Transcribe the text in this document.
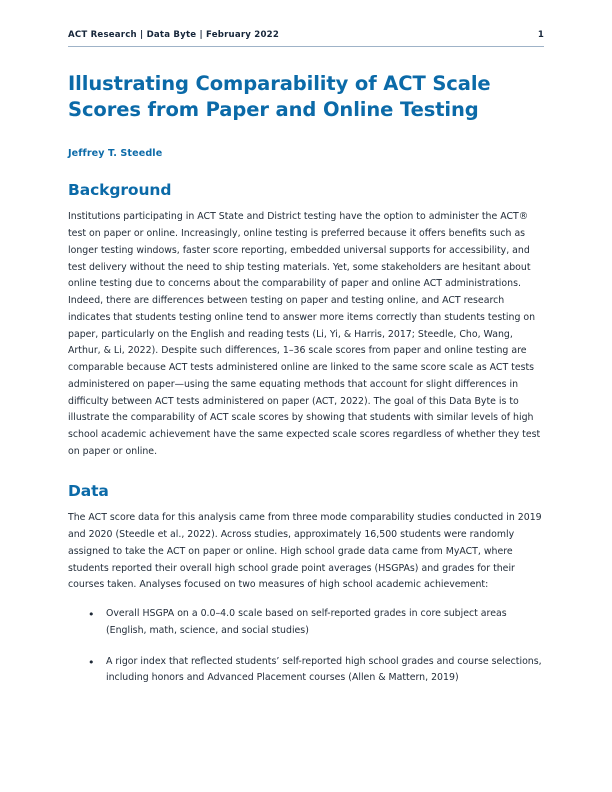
ACT Research | Data Byte | February 2022	1
Illustrating Comparability of ACT Scale Scores from Paper and Online Testing
Jeffrey T. Steedle
Background

Institutions participating in ACT State and District testing have the option to administer the ACT® test on paper or online. Increasingly, online testing is preferred because it offers benefits such as longer testing windows, faster score reporting, embedded universal supports for accessibility, and test delivery without the need to ship testing materials. Yet, some stakeholders are hesitant about online testing due to concerns about the comparability of paper and online ACT administrations. Indeed, there are differences between testing on paper and testing online, and ACT research indicates that students testing online tend to answer more items correctly than students testing on paper, particularly on the English and reading tests (Li, Yi, & Harris, 2017; Steedle, Cho, Wang, Arthur, & Li, 2022). Despite such differences, 1–36 scale scores from paper and online testing are comparable because ACT tests administered online are linked to the same score scale as ACT tests administered on paper—using the same equating methods that account for slight differences in difficulty between ACT tests administered on paper (ACT, 2022). The goal of this Data Byte is to illustrate the comparability of ACT scale scores by showing that students with similar levels of high school academic achievement have the same expected scale scores regardless of whether they test on paper or online.

Data

The ACT score data for this analysis came from three mode comparability studies conducted in 2019 and 2020 (Steedle et al., 2022). Across studies, approximately 16,500 students were randomly assigned to take the ACT on paper or online. High school grade data came from MyACT, where students reported their overall high school grade point averages (HSGPAs) and grades for their courses taken. Analyses focused on two measures of high school academic achievement:

• Overall HSGPA on a 0.0–4.0 scale based on self-reported grades in core subject areas (English, math, science, and social studies)
• A rigor index that reflected students’ self-reported high school grades and course selections, including honors and Advanced Placement courses (Allen & Mattern, 2019)
